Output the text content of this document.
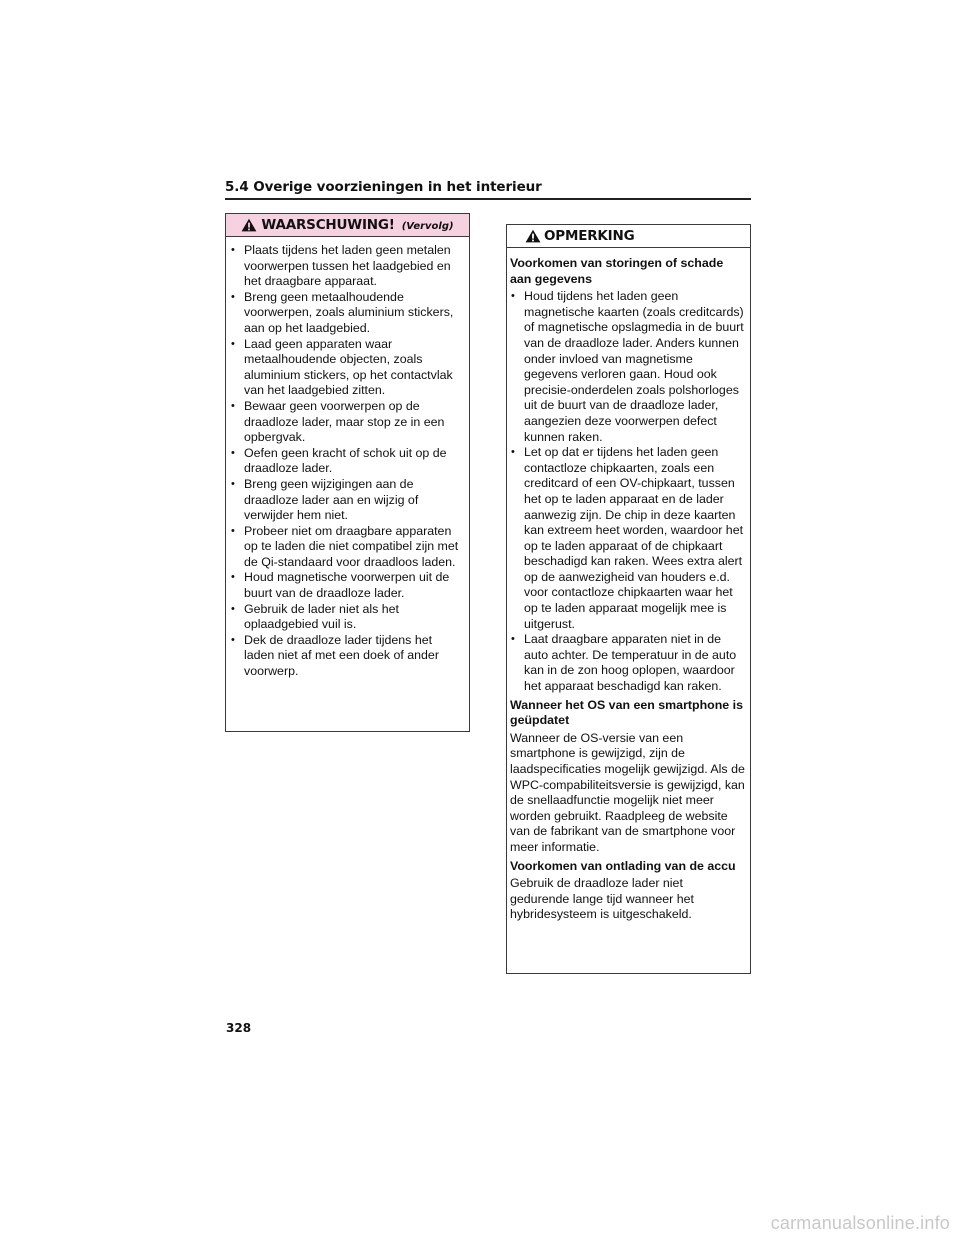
5.4 Overige voorzieningen in het interieur
WAARSCHUWING! (Vervolg)
• Plaats tijdens het laden geen metalen voorwerpen tussen het laadgebied en het draagbare apparaat.
• Breng geen metaalhoudende voorwerpen, zoals aluminium stickers, aan op het laadgebied.
• Laad geen apparaten waar metaalhoudende objecten, zoals aluminium stickers, op het contactvlak van het laadgebied zitten.
• Bewaar geen voorwerpen op de draadloze lader, maar stop ze in een opbergvak.
• Oefen geen kracht of schok uit op de draadloze lader.
• Breng geen wijzigingen aan de draadloze lader aan en wijzig of verwijder hem niet.
• Probeer niet om draagbare apparaten op te laden die niet compatibel zijn met de Qi-standaard voor draadloos laden.
• Houd magnetische voorwerpen uit de buurt van de draadloze lader.
• Gebruik de lader niet als het oplaadgebied vuil is.
• Dek de draadloze lader tijdens het laden niet af met een doek of ander voorwerp.
OPMERKING

Voorkomen van storingen of schade aan gegevens

• Houd tijdens het laden geen magnetische kaarten (zoals creditcards) of magnetische opslagmedia in de buurt van de draadloze lader. Anders kunnen onder invloed van magnetisme gegevens verloren gaan. Houd ook precisie-onderdelen zoals polshorloges uit de buurt van de draadloze lader, aangezien deze voorwerpen defect kunnen raken.
• Let op dat er tijdens het laden geen contactloze chipkaarten, zoals een creditcard of een OV-chipkaart, tussen het op te laden apparaat en de lader aanwezig zijn. De chip in deze kaarten kan extreem heet worden, waardoor het op te laden apparaat of de chipkaart beschadigd kan raken. Wees extra alert op de aanwezigheid van houders e.d. voor contactloze chipkaarten waar het op te laden apparaat mogelijk mee is uitgerust.
• Laat draagbare apparaten niet in de auto achter. De temperatuur in de auto kan in de zon hoog oplopen, waardoor het apparaat beschadigd kan raken.

Wanneer het OS van een smartphone is geüpdatet

Wanneer de OS-versie van een smartphone is gewijzigd, zijn de laadspecificaties mogelijk gewijzigd. Als de WPC-compabiliteitsversie is gewijzigd, kan de snellaadfunctie mogelijk niet meer worden gebruikt. Raadpleeg de website van de fabrikant van de smartphone voor meer informatie.

Voorkomen van ontlading van de accu

Gebruik de draadloze lader niet gedurende lange tijd wanneer het hybridesysteem is uitgeschakeld.

328
carmanualsonline.info
